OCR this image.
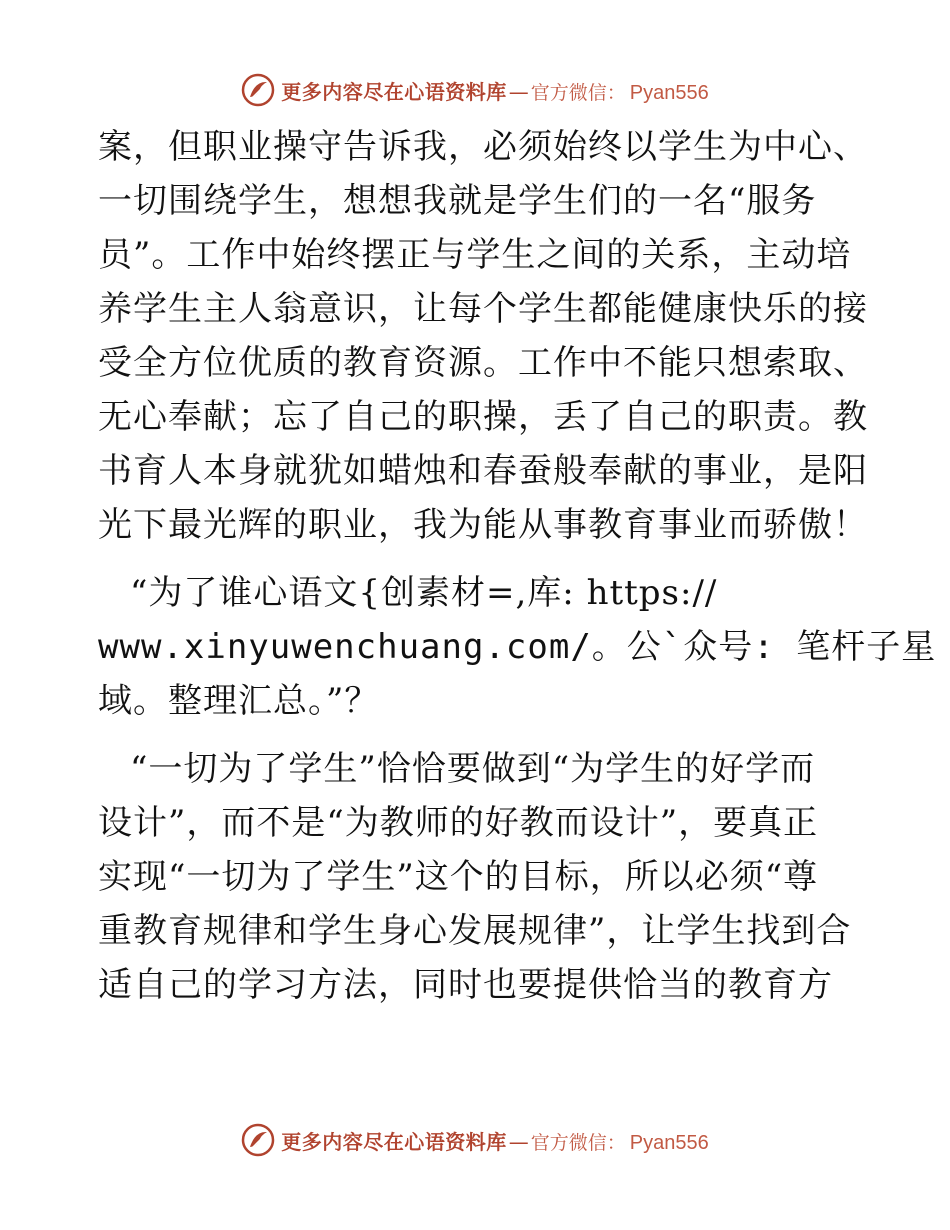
更多内容尽在心语资料库 — 官方微信： Pyan556
案，但职业操守告诉我，必须始终以学生为中心、
一切围绕学生，想想我就是学生们的一名“服务
员”。工作中始终摆正与学生之间的关系，主动培
养学生主人翁意识，让每个学生都能健康快乐的接
受全方位优质的教育资源。工作中不能只想索取、
无心奉献；忘了自己的职操，丢了自己的职责。教
书育人本身就犹如蜡烛和春蚕般奉献的事业，是阳
光下最光辉的职业，我为能从事教育事业而骄傲！
“为了谁心语文{创素材=,库: https://
www.xinyuwenchuang.com/。公`众号: 笔杆子星
域。整理汇总。”？
“一切为了学生”恰恰要做到“为学生的好学而
设计”，而不是“为教师的好教而设计”，要真正
实现“一切为了学生”这个的目标，所以必须“尊
重教育规律和学生身心发展规律”，让学生找到合
适自己的学习方法，同时也要提供恰当的教育方
更多内容尽在心语资料库 — 官方微信： Pyan556
